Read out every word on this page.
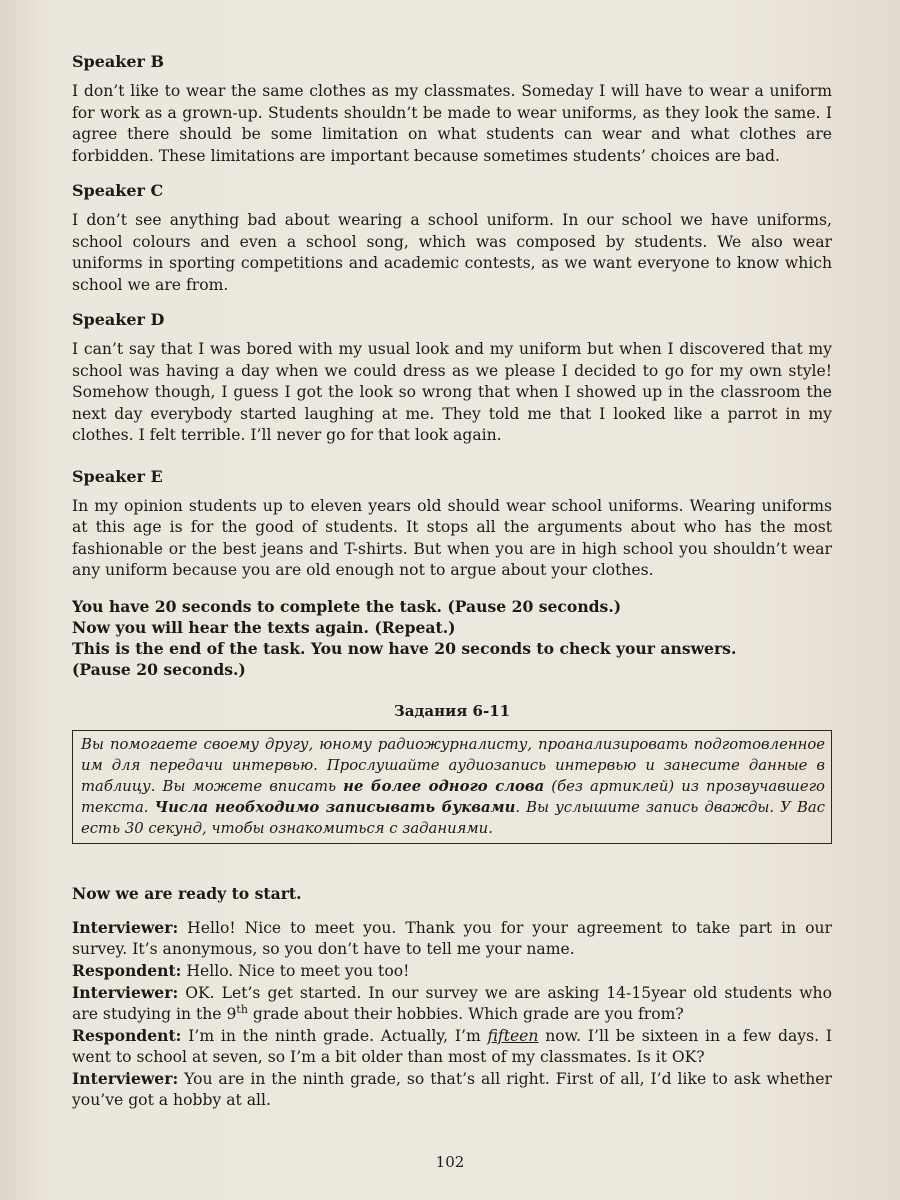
Speaker B

I don’t like to wear the same clothes as my classmates. Someday I will have to wear a uniform for work as a grown-up. Students shouldn’t be made to wear uniforms, as they look the same. I agree there should be some limitation on what students can wear and what clothes are forbidden. These limitations are important because sometimes students’ choices are bad.

Speaker C

I don’t see anything bad about wearing a school uniform. In our school we have uniforms, school colours and even a school song, which was composed by students. We also wear uniforms in sporting competitions and academic contests, as we want everyone to know which school we are from.

Speaker D

I can’t say that I was bored with my usual look and my uniform but when I discovered that my school was having a day when we could dress as we please I decided to go for my own style! Somehow though, I guess I got the look so wrong that when I showed up in the classroom the next day everybody started laughing at me. They told me that I looked like a parrot in my clothes. I felt terrible. I’ll never go for that look again.

Speaker E

In my opinion students up to eleven years old should wear school uniforms. Wearing uniforms at this age is for the good of students. It stops all the arguments about who has the most fashionable or the best jeans and T-shirts. But when you are in high school you shouldn’t wear any uniform because you are old enough not to argue about your clothes.

You have 20 seconds to complete the task. (Pause 20 seconds.)
Now you will hear the texts again. (Repeat.)
This is the end of the task. You now have 20 seconds to check your answers.
(Pause 20 seconds.)
Задания 6-11
Вы помогаете своему другу, юному радиожурналисту, проанализировать подготовленное им для передачи интервью. Прослушайте аудиозапись интервью и занесите данные в таблицу. Вы можете вписать не более одного слова (без артиклей) из прозвучавшего текста. Числа необходимо записывать буквами. Вы услышите запись дважды. У Вас есть 30 секунд, чтобы ознакомиться с заданиями.
Now we are ready to start.

Interviewer: Hello! Nice to meet you. Thank you for your agreement to take part in our survey. It’s anonymous, so you don’t have to tell me your name.

Respondent: Hello. Nice to meet you too!

Interviewer: OK. Let’s get started. In our survey we are asking 14-15year old students who are studying in the 9th grade about their hobbies. Which grade are you from?

Respondent: I’m in the ninth grade. Actually, I’m fifteen now. I’ll be sixteen in a few days. I went to school at seven, so I’m a bit older than most of my classmates. Is it OK?

Interviewer: You are in the ninth grade, so that’s all right. First of all, I’d like to ask whether you’ve got a hobby at all.

102
